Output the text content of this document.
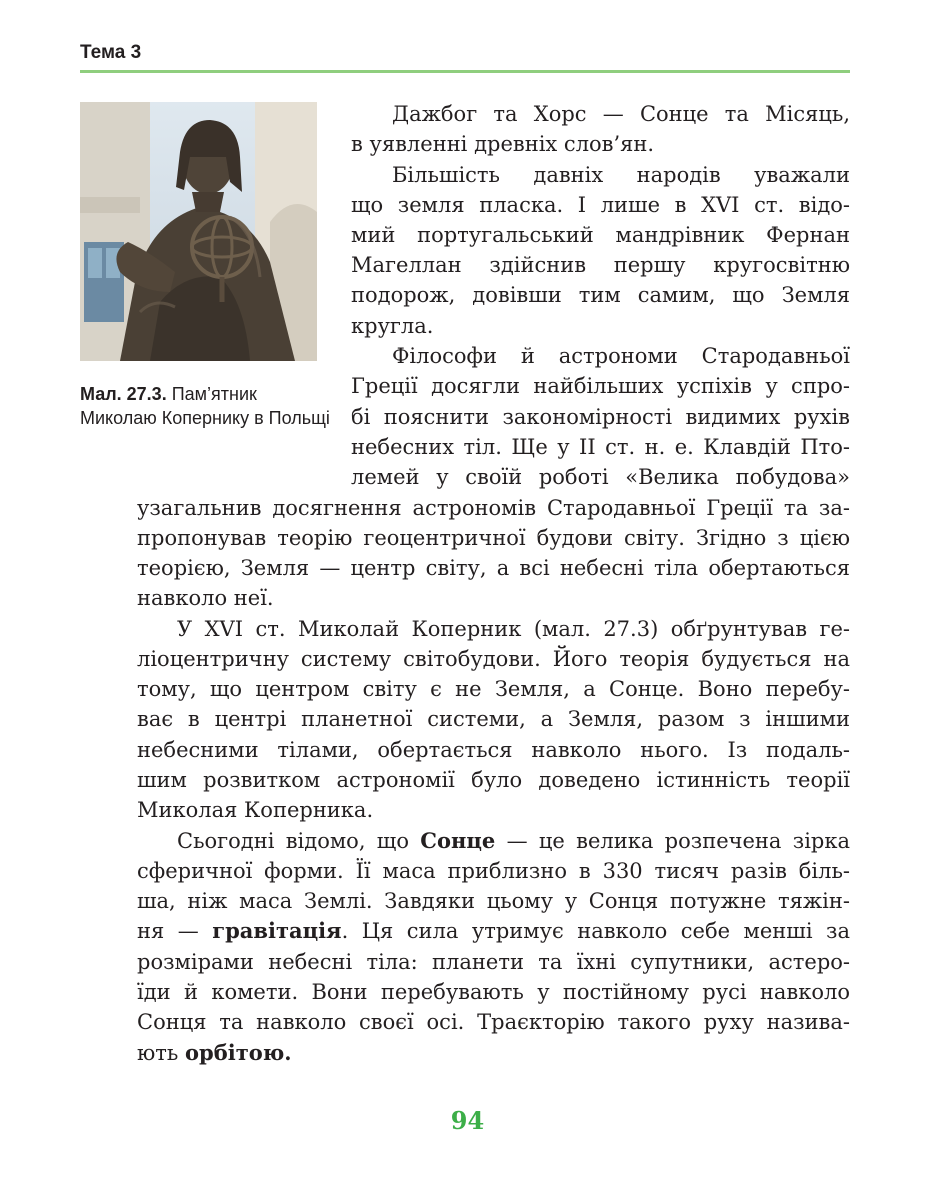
Тема 3
Мал. 27.3. Пам’ятник Миколаю Копернику в Польщі
Дажбог та Хорс — Сонце та Місяць,
в уявленні древніх слов’ян.
Більшість давніх народів уважали
що земля пласка. І лише в XVI ст. відо-
мий португальський мандрівник Фернан
Магеллан здійснив першу кругосвітню
подорож, довівши тим самим, що Земля
кругла.
Філософи й астрономи Стародавньої
Греції досягли найбільших успіхів у спро-
бі пояснити закономірності видимих рухів
небесних тіл. Ще у ІІ ст. н. е. Клавдій Пто-
лемей у своїй роботі «Велика побудова»
узагальнив досягнення астрономів Стародавньої Греції та за-
пропонував теорію геоцентричної будови світу. Згідно з цією
теорією, Земля — центр світу, а всі небесні тіла обертаються
навколо неї.
У XVI ст. Миколай Коперник (мал. 27.3) обґрунтував ге-
ліоцентричну систему світобудови. Його теорія будується на
тому, що центром світу є не Земля, а Сонце. Воно перебу-
ває в центрі планетної системи, а Земля, разом з іншими
небесними тілами, обертається навколо нього. Із подаль-
шим розвитком астрономії було доведено істинність теорії
Миколая Коперника.
Сьогодні відомо, що Сонце — це велика розпечена зірка
сферичної форми. Її маса приблизно в 330 тисяч разів біль-
ша, ніж маса Землі. Завдяки цьому у Сонця потужне тяжін-
ня — гравітація. Ця сила утримує навколо себе менші за
розмірами небесні тіла: планети та їхні супутники, астеро-
їди й комети. Вони перебувають у постійному русі навколо
Сонця та навколо своєї осі. Траєкторію такого руху назива-
ють орбітою.
94
